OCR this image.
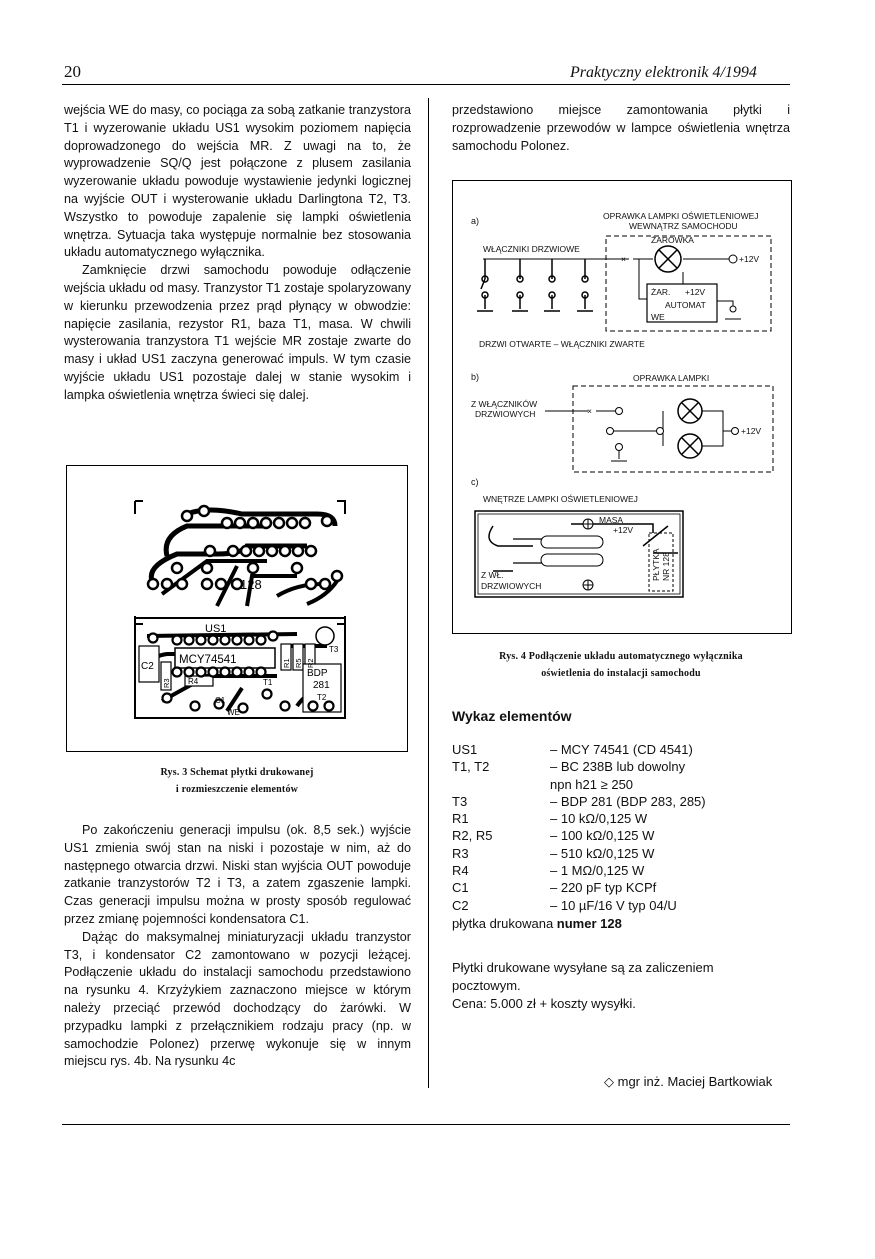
20	Praktyczny elektronik 4/1994

wejścia WE do masy, co pociąga za sobą zatkanie tranzystora T1 i wyzerowanie układu US1 wysokim poziomem napięcia doprowadzonego do wejścia MR. Z uwagi na to, że wyprowadzenie SQ/Q jest połączone z plusem zasilania wyzerowanie układu powoduje wystawienie jedynki logicznej na wyjście OUT i wysterowanie układu Darlingtona T2, T3. Wszystko to powoduje zapalenie się lampki oświetlenia wnętrza. Sytuacja taka występuje normalnie bez stosowania układu automatycznego wyłącznika.

Zamknięcie drzwi samochodu powoduje odłączenie wejścia układu od masy. Tranzystor T1 zostaje spolaryzowany w kierunku przewodzenia przez prąd płynący w obwodzie: napięcie zasilania, rezystor R1, baza T1, masa. W chwili wysterowania tranzystora T1 wejście MR zostaje zwarte do masy i układ US1 zaczyna generować impuls. W tym czasie wyjście układu US1 pozostaje dalej w stanie wysokim i lampka oświetlenia wnętrza świeci się dalej.

128
US1
MCY74541
T3
BDP
281
T2
R1 R5 R2
R3 R4
C2
C1
T1
WE
Rys. 3 Schemat płytki drukowanej
i rozmieszczenie elementów

Po zakończeniu generacji impulsu (ok. 8,5 sek.) wyjście US1 zmienia swój stan na niski i pozostaje w nim, aż do następnego otwarcia drzwi. Niski stan wyjścia OUT powoduje zatkanie tranzystorów T2 i T3, a zatem zgaszenie lampki. Czas generacji impulsu można w prosty sposób regulować przez zmianę pojemności kondensatora C1.

Dążąc do maksymalnej miniaturyzacji układu tranzystor T3, i kondensator C2 zamontowano w pozycji leżącej. Podłączenie układu do instalacji samochodu przedstawiono na rysunku 4. Krzyżykiem zaznaczono miejsce w którym należy przeciąć przewód dochodzący do żarówki. W przypadku lampki z przełącznikiem rodzaju pracy (np. w samochodzie Polonez) przerwę wykonuje się w innym miejscu rys. 4b. Na rysunku 4c

przedstawiono miejsce zamontowania płytki i rozprowadzenie przewodów w lampce oświetlenia wnętrza samochodu Polonez.

a)	OPRAWKA LAMPKI OŚWIETLENIOWEJ
WEWNĄTRZ SAMOCHODU
WŁĄCZNIKI DRZWIOWE
ŻARÓWKA
×	+12V
ŻAR. +12V
AUTOMAT
WE
DRZWI OTWARTE – WŁĄCZNIKI ZWARTE
b)	OPRAWKA LAMPKI
Z WŁĄCZNIKÓW
DRZWIOWYCH	×
+12V
c)
WNĘTRZE LAMPKI OŚWIETLENIOWEJ
MASA
+12V
Z WŁ.
DRZWIOWYCH
PŁYTKA NR 128
Rys. 4 Podłączenie układu automatycznego wyłącznika
oświetlenia do instalacji samochodu
Wykaz elementów
US1	– MCY 74541 (CD 4541)
T1, T2	– BC 238B lub dowolny
	npn h21 ≥ 250
T3	– BDP 281 (BDP 283, 285)
R1	– 10 kΩ/0,125 W
R2, R5	– 100 kΩ/0,125 W
R3	– 510 kΩ/0,125 W
R4	– 1 MΩ/0,125 W
C1	– 220 pF typ KCPf
C2	– 10 µF/16 V typ 04/U
płytka drukowana numer 128
Płytki drukowane wysyłane są za zaliczeniem pocztowym.
Cena: 5.000 zł + koszty wysyłki.
◇ mgr inż. Maciej Bartkowiak
